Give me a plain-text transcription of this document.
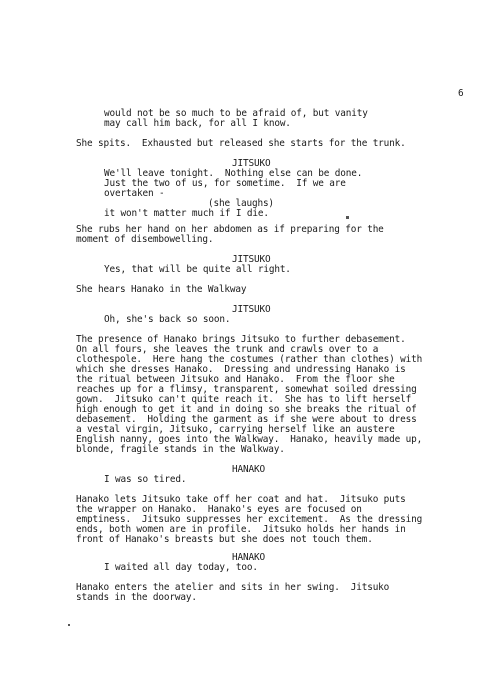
6
would not be so much to be afraid of, but vanity
may call him back, for all I know.
She spits.  Exhausted but released she starts for the trunk.
JITSUKO
We'll leave tonight.  Nothing else can be done.
Just the two of us, for sometime.  If we are
overtaken -
(she laughs)
it won't matter much if I die.
She rubs her hand on her abdomen as if preparing for the
moment of disembowelling.
JITSUKO
Yes, that will be quite all right.
She hears Hanako in the Walkway
JITSUKO
Oh, she's back so soon.
The presence of Hanako brings Jitsuko to further debasement.
On all fours, she leaves the trunk and crawls over to a
clothespole.  Here hang the costumes (rather than clothes) with
which she dresses Hanako.  Dressing and undressing Hanako is
the ritual between Jitsuko and Hanako.  From the floor she
reaches up for a flimsy, transparent, somewhat soiled dressing
gown.  Jitsuko can't quite reach it.  She has to lift herself
high enough to get it and in doing so she breaks the ritual of
debasement.  Holding the garment as if she were about to dress
a vestal virgin, Jitsuko, carrying herself like an austere
English nanny, goes into the Walkway.  Hanako, heavily made up,
blonde, fragile stands in the Walkway.
HANAKO
I was so tired.
Hanako lets Jitsuko take off her coat and hat.  Jitsuko puts
the wrapper on Hanako.  Hanako's eyes are focused on
emptiness.  Jitsuko suppresses her excitement.  As the dressing
ends, both women are in profile.  Jitsuko holds her hands in
front of Hanako's breasts but she does not touch them.
HANAKO
I waited all day today, too.
Hanako enters the atelier and sits in her swing.  Jitsuko
stands in the doorway.
